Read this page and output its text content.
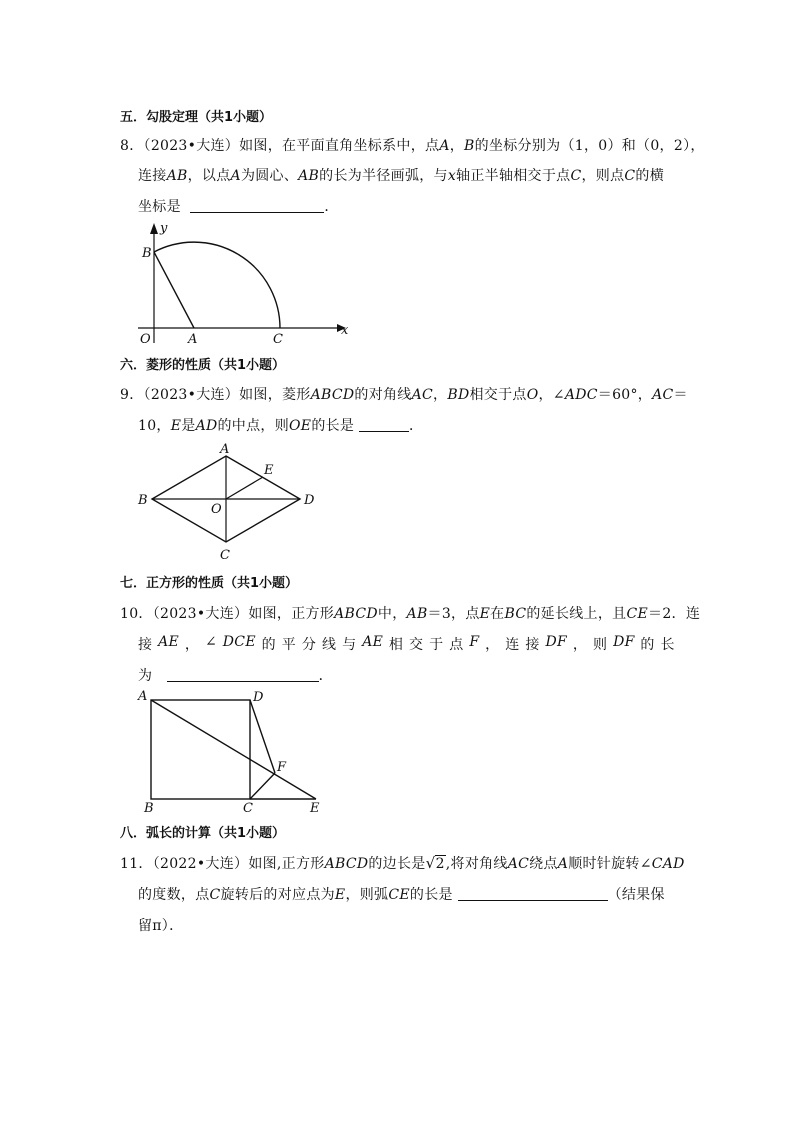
五．勾股定理（共1小题）
8．（2023•大连）如图，在平面直角坐标系中，点A，B的坐标分别为（1，0）和（0，2），
连接AB，以点A为圆心、AB的长为半径画弧，与x轴正半轴相交于点C，则点C的横
坐标是	．
B
y
O	A	C
x
六．菱形的性质（共1小题）
9．（2023•大连）如图，菱形ABCD的对角线AC，BD相交于点O，∠ADC＝60°，AC＝
10，E是AD的中点，则OE的长是	．
A
B
C
D
E
O
七．正方形的性质（共1小题）
10．（2023•大连）如图，正方形ABCD中，AB＝3，点E在BC的延长线上，且CE＝2．连
接 AE ， ∠ DCE 的 平 分 线 与 AE 相 交 于 点 F ， 连 接 DF ， 则 DF 的 长
为	．
A	D
F
B	C	E
八．弧长的计算（共1小题）
11．（2022•大连）如图,正方形ABCD的边长是 √ 2,将对角线AC绕点A顺时针旋转∠CAD
的度数，点C旋转后的对应点为E，则弧CE的长是	（结果保
留π）．
